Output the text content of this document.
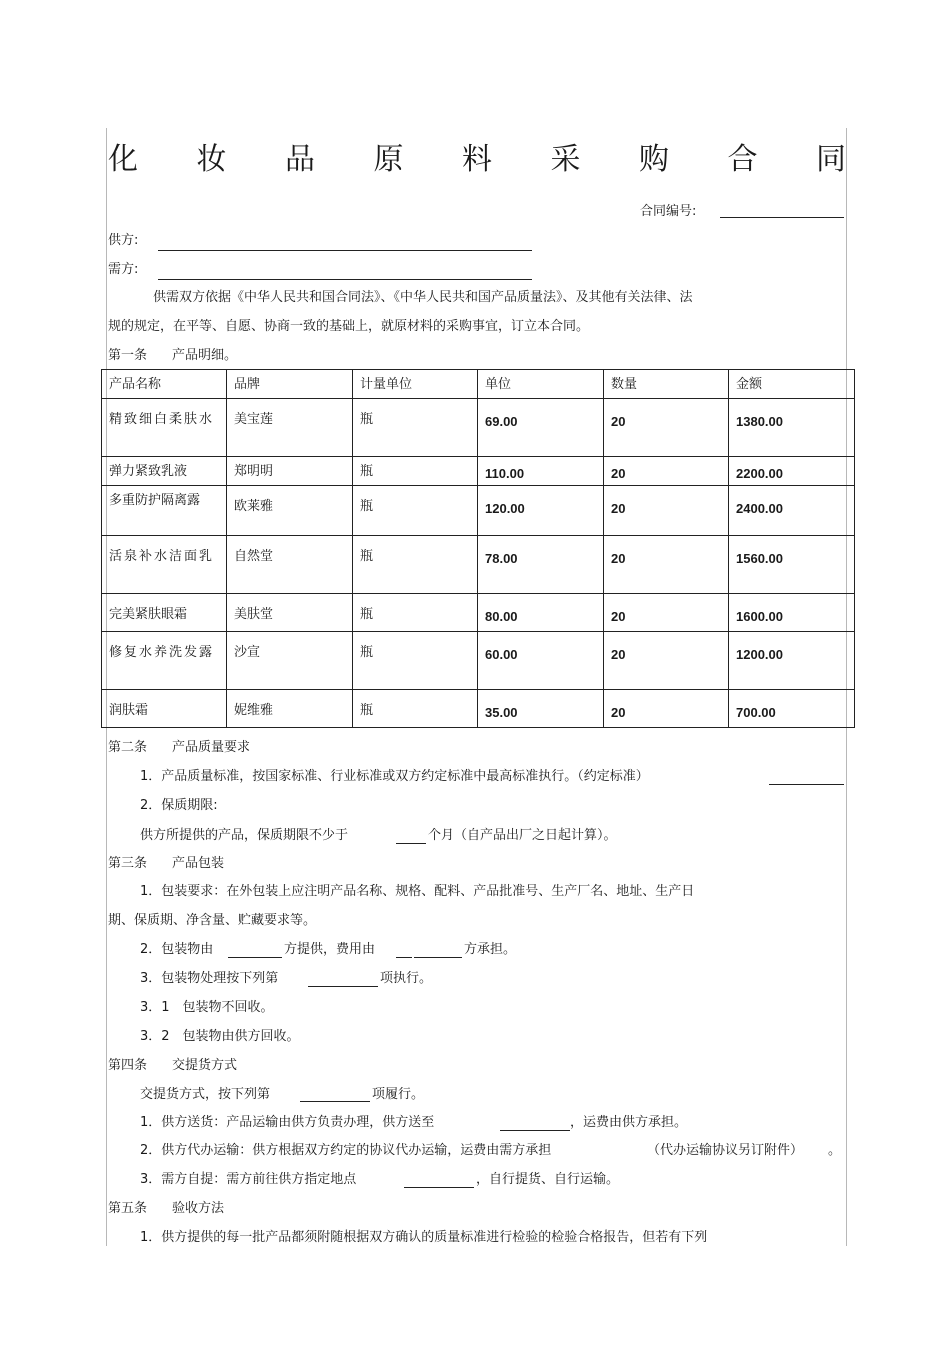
化 妆 品 原 料 采 购 合 同
合同编号:
供方:
需方:
供需双方依据《中华人民共和国合同法》、《中华人民共和国产品质量法》、及其他有关法律、法
规的规定，在平等、自愿、协商一致的基础上，就原材料的采购事宜，订立本合同。
第一条 产品明细。
产品名称	品牌	计量单位	单位	数量	金额
精致细白柔肤水	美宝莲	瓶	69.00	20	1380.00
弹力紧致乳液	郑明明	瓶	110.00	20	2200.00
多重防护隔离露	欧莱雅	瓶	120.00	20	2400.00
活泉补水洁面乳	自然堂	瓶	78.00	20	1560.00
完美紧肤眼霜	美肤堂	瓶	80.00	20	1600.00
修复水养洗发露	沙宣	瓶	60.00	20	1200.00
润肤霜	妮维雅	瓶	35.00	20	700.00
第二条 产品质量要求
1．产品质量标准，按国家标准、行业标准或双方约定标准中最高标准执行。（约定标准）
2．保质期限:
供方所提供的产品，保质期限不少于	个月（自产品出厂之日起计算）。
第三条 产品包装
1．包装要求：在外包装上应注明产品名称、规格、配料、产品批准号、生产厂名、地址、生产日
期、保质期、净含量、贮藏要求等。
2．包装物由	方提供，费用由	方承担。
3．包装物处理按下列第	项执行。
3．1　包装物不回收。
3．2　包装物由供方回收。
第四条 交提货方式
交提货方式，按下列第	项履行。
1．供方送货：产品运输由供方负责办理，供方送至	，运费由供方承担。
2．供方代办运输：供方根据双方约定的协议代办运输，运费由需方承担	（代办运输协议另订附件） 。
3．需方自提：需方前往供方指定地点	，自行提货、自行运输。
第五条 验收方法
1．供方提供的每一批产品都须附随根据双方确认的质量标准进行检验的检验合格报告，但若有下列
